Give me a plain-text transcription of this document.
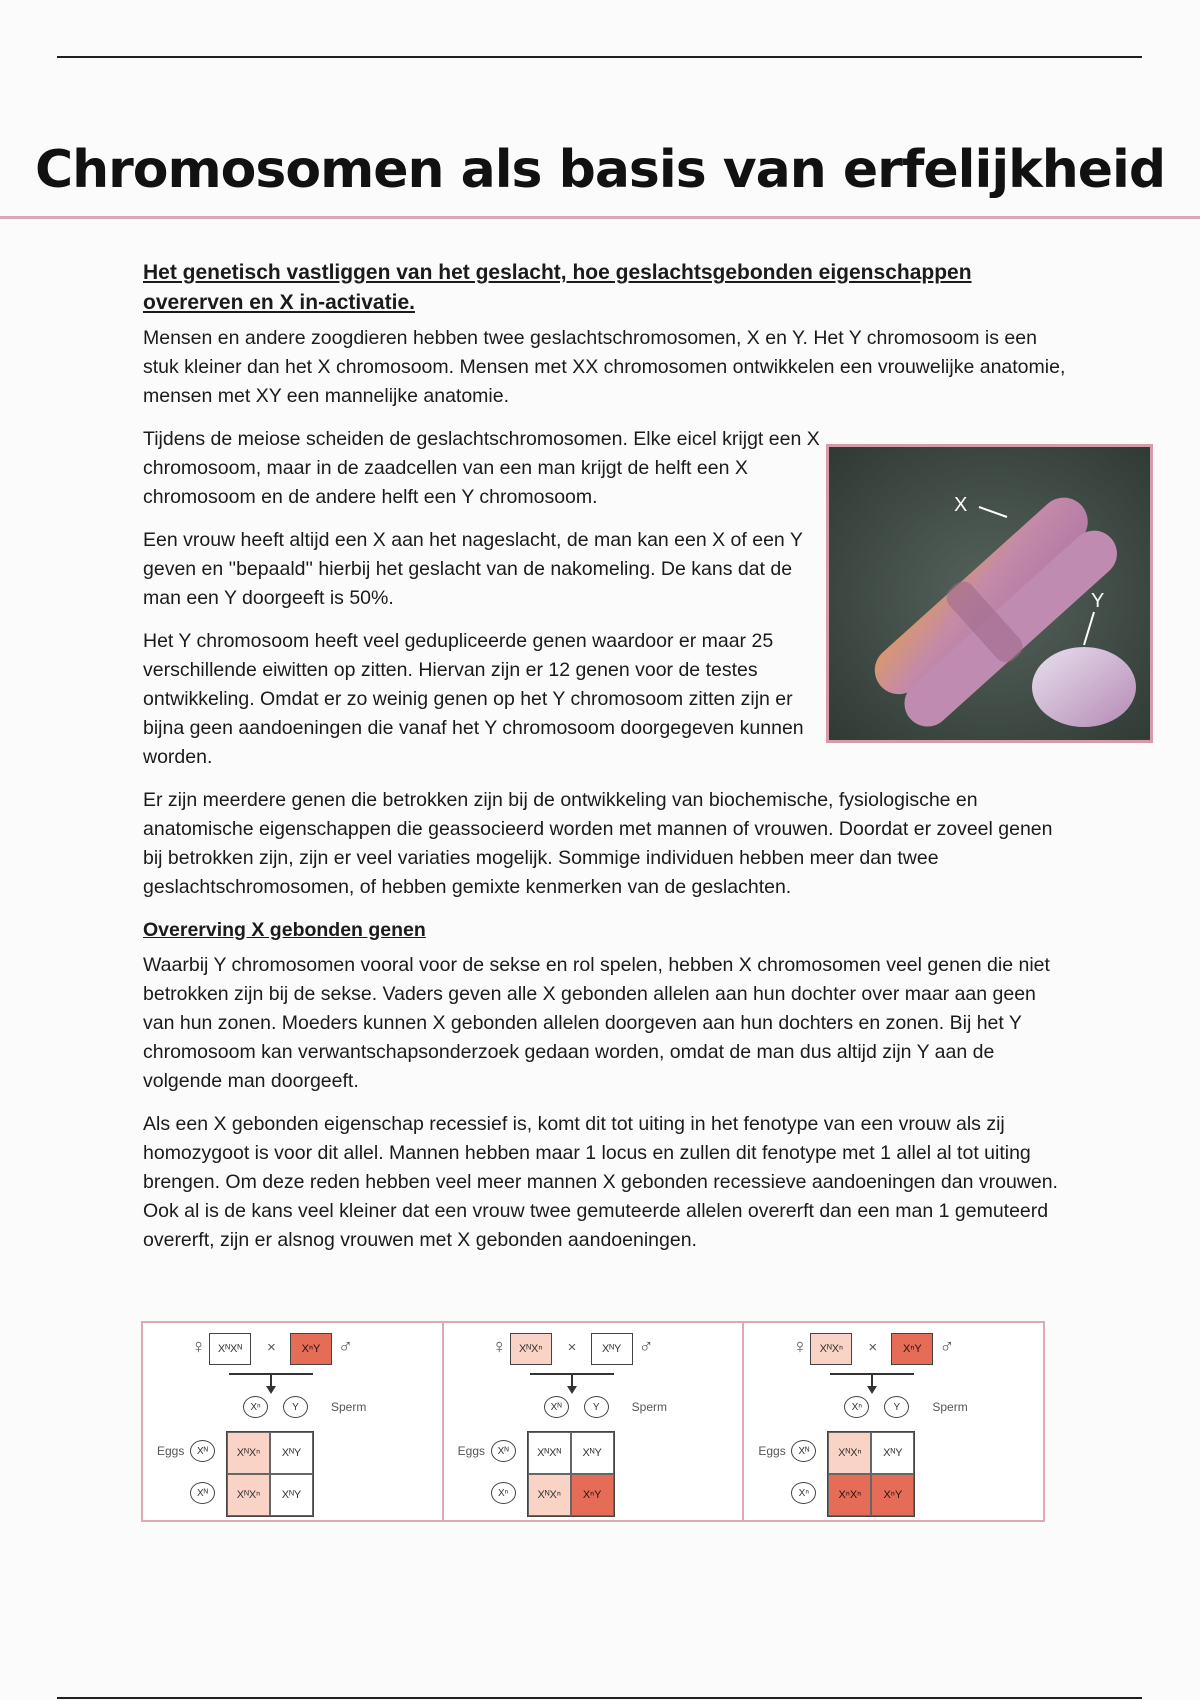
Chromosomen als basis van erfelijkheid
Het genetisch vastliggen van het geslacht, hoe geslachtsgebonden eigenschappen overerven en X in-activatie.

Mensen en andere zoogdieren hebben twee geslachtschromosomen, X en Y. Het Y chromosoom is een stuk kleiner dan het X chromosoom. Mensen met XX chromosomen ontwikkelen een vrouwelijke anatomie, mensen met XY een mannelijke anatomie.

Tijdens de meiose scheiden de geslachtschromosomen. Elke eicel krijgt een X chromosoom, maar in de zaadcellen van een man krijgt de helft een X chromosoom en de andere helft een Y chromosoom.

Een vrouw heeft altijd een X aan het nageslacht, de man kan een X of een Y geven en ''bepaald'' hierbij het geslacht van de nakomeling. De kans dat de man een Y doorgeeft is 50%.

Het Y chromosoom heeft veel gedupliceerde genen waardoor er maar 25 verschillende eiwitten op zitten. Hiervan zijn er 12 genen voor de testes ontwikkeling. Omdat er zo weinig genen op het Y chromosoom zitten zijn er bijna geen aandoeningen die vanaf het Y chromosoom doorgegeven kunnen worden.

Er zijn meerdere genen die betrokken zijn bij de ontwikkeling van biochemische, fysiologische en anatomische eigenschappen die geassocieerd worden met mannen of vrouwen. Doordat er zoveel genen bij betrokken zijn, zijn er veel variaties mogelijk. Sommige individuen hebben meer dan twee geslachtschromosomen, of hebben gemixte kenmerken van de geslachten.

Overerving X gebonden genen

Waarbij Y chromosomen vooral voor de sekse en rol spelen, hebben X chromosomen veel genen die niet betrokken zijn bij de sekse. Vaders geven alle X gebonden allelen aan hun dochter over maar aan geen van hun zonen. Moeders kunnen X gebonden allelen doorgeven aan hun dochters en zonen. Bij het Y chromosoom kan verwantschapsonderzoek gedaan worden, omdat de man dus altijd zijn Y aan de volgende man doorgeeft.

Als een X gebonden eigenschap recessief is, komt dit tot uiting in het fenotype van een vrouw als zij homozygoot is voor dit allel. Mannen hebben maar 1 locus en zullen dit fenotype met 1 allel al tot uiting brengen. Om deze reden hebben veel meer mannen X gebonden recessieve aandoeningen dan vrouwen. Ook al is de kans veel kleiner dat een vrouw twee gemuteerde allelen overerft dan een man 1 gemuteerd overerft, zijn er alsnog vrouwen met X gebonden aandoeningen.

X
Y
♀	XᴺXᴺ	×	XⁿY ♂
Xⁿ	Y	Sperm
Eggs	Xᴺ
Xᴺ
XᴺXⁿ	XᴺY
XᴺXⁿ	XᴺY
♀	XᴺXⁿ	×	XᴺY ♂
Xᴺ	Y	Sperm
Eggs	Xᴺ
Xⁿ
XᴺXᴺ	XᴺY
XᴺXⁿ	XⁿY
♀	XᴺXⁿ	×	XⁿY ♂
Xⁿ	Y	Sperm
Eggs	Xᴺ
Xⁿ
XᴺXⁿ	XᴺY
XⁿXⁿ	XⁿY
